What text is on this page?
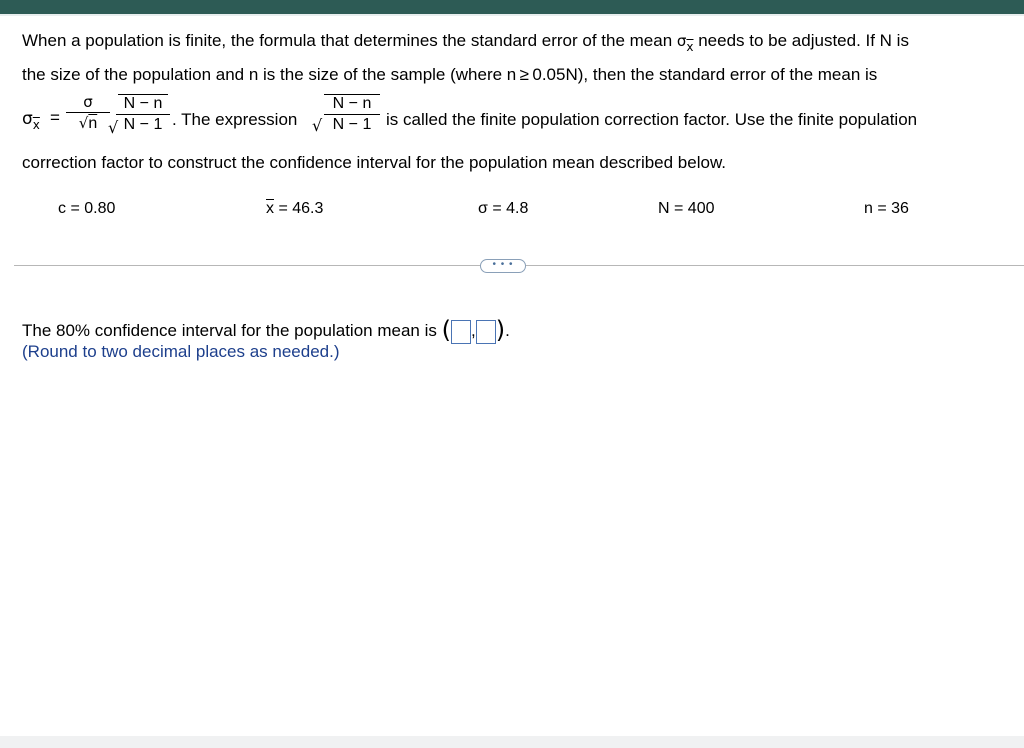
When a population is finite, the formula that determines the standard error of the mean $\sigma_{\overline{x}}$ needs to be adjusted. If N is
the size of the population and n is the size of the sample (where n ≥ 0.05N), then the standard error of the mean is
$\sigma_{\overline{x}}$ =
σ
√n √
N − n
N − 1 . The expression √
N − n
N − 1 is called the finite population correction factor. Use the finite population
correction factor to construct the confidence interval for the population mean described below.
c = 0.80	$\overline{x} = 46.3$	σ = 4.8	N = 400	n = 36
• • •
The 80% confidence interval for the population mean is ( , ).
(Round to two decimal places as needed.)
